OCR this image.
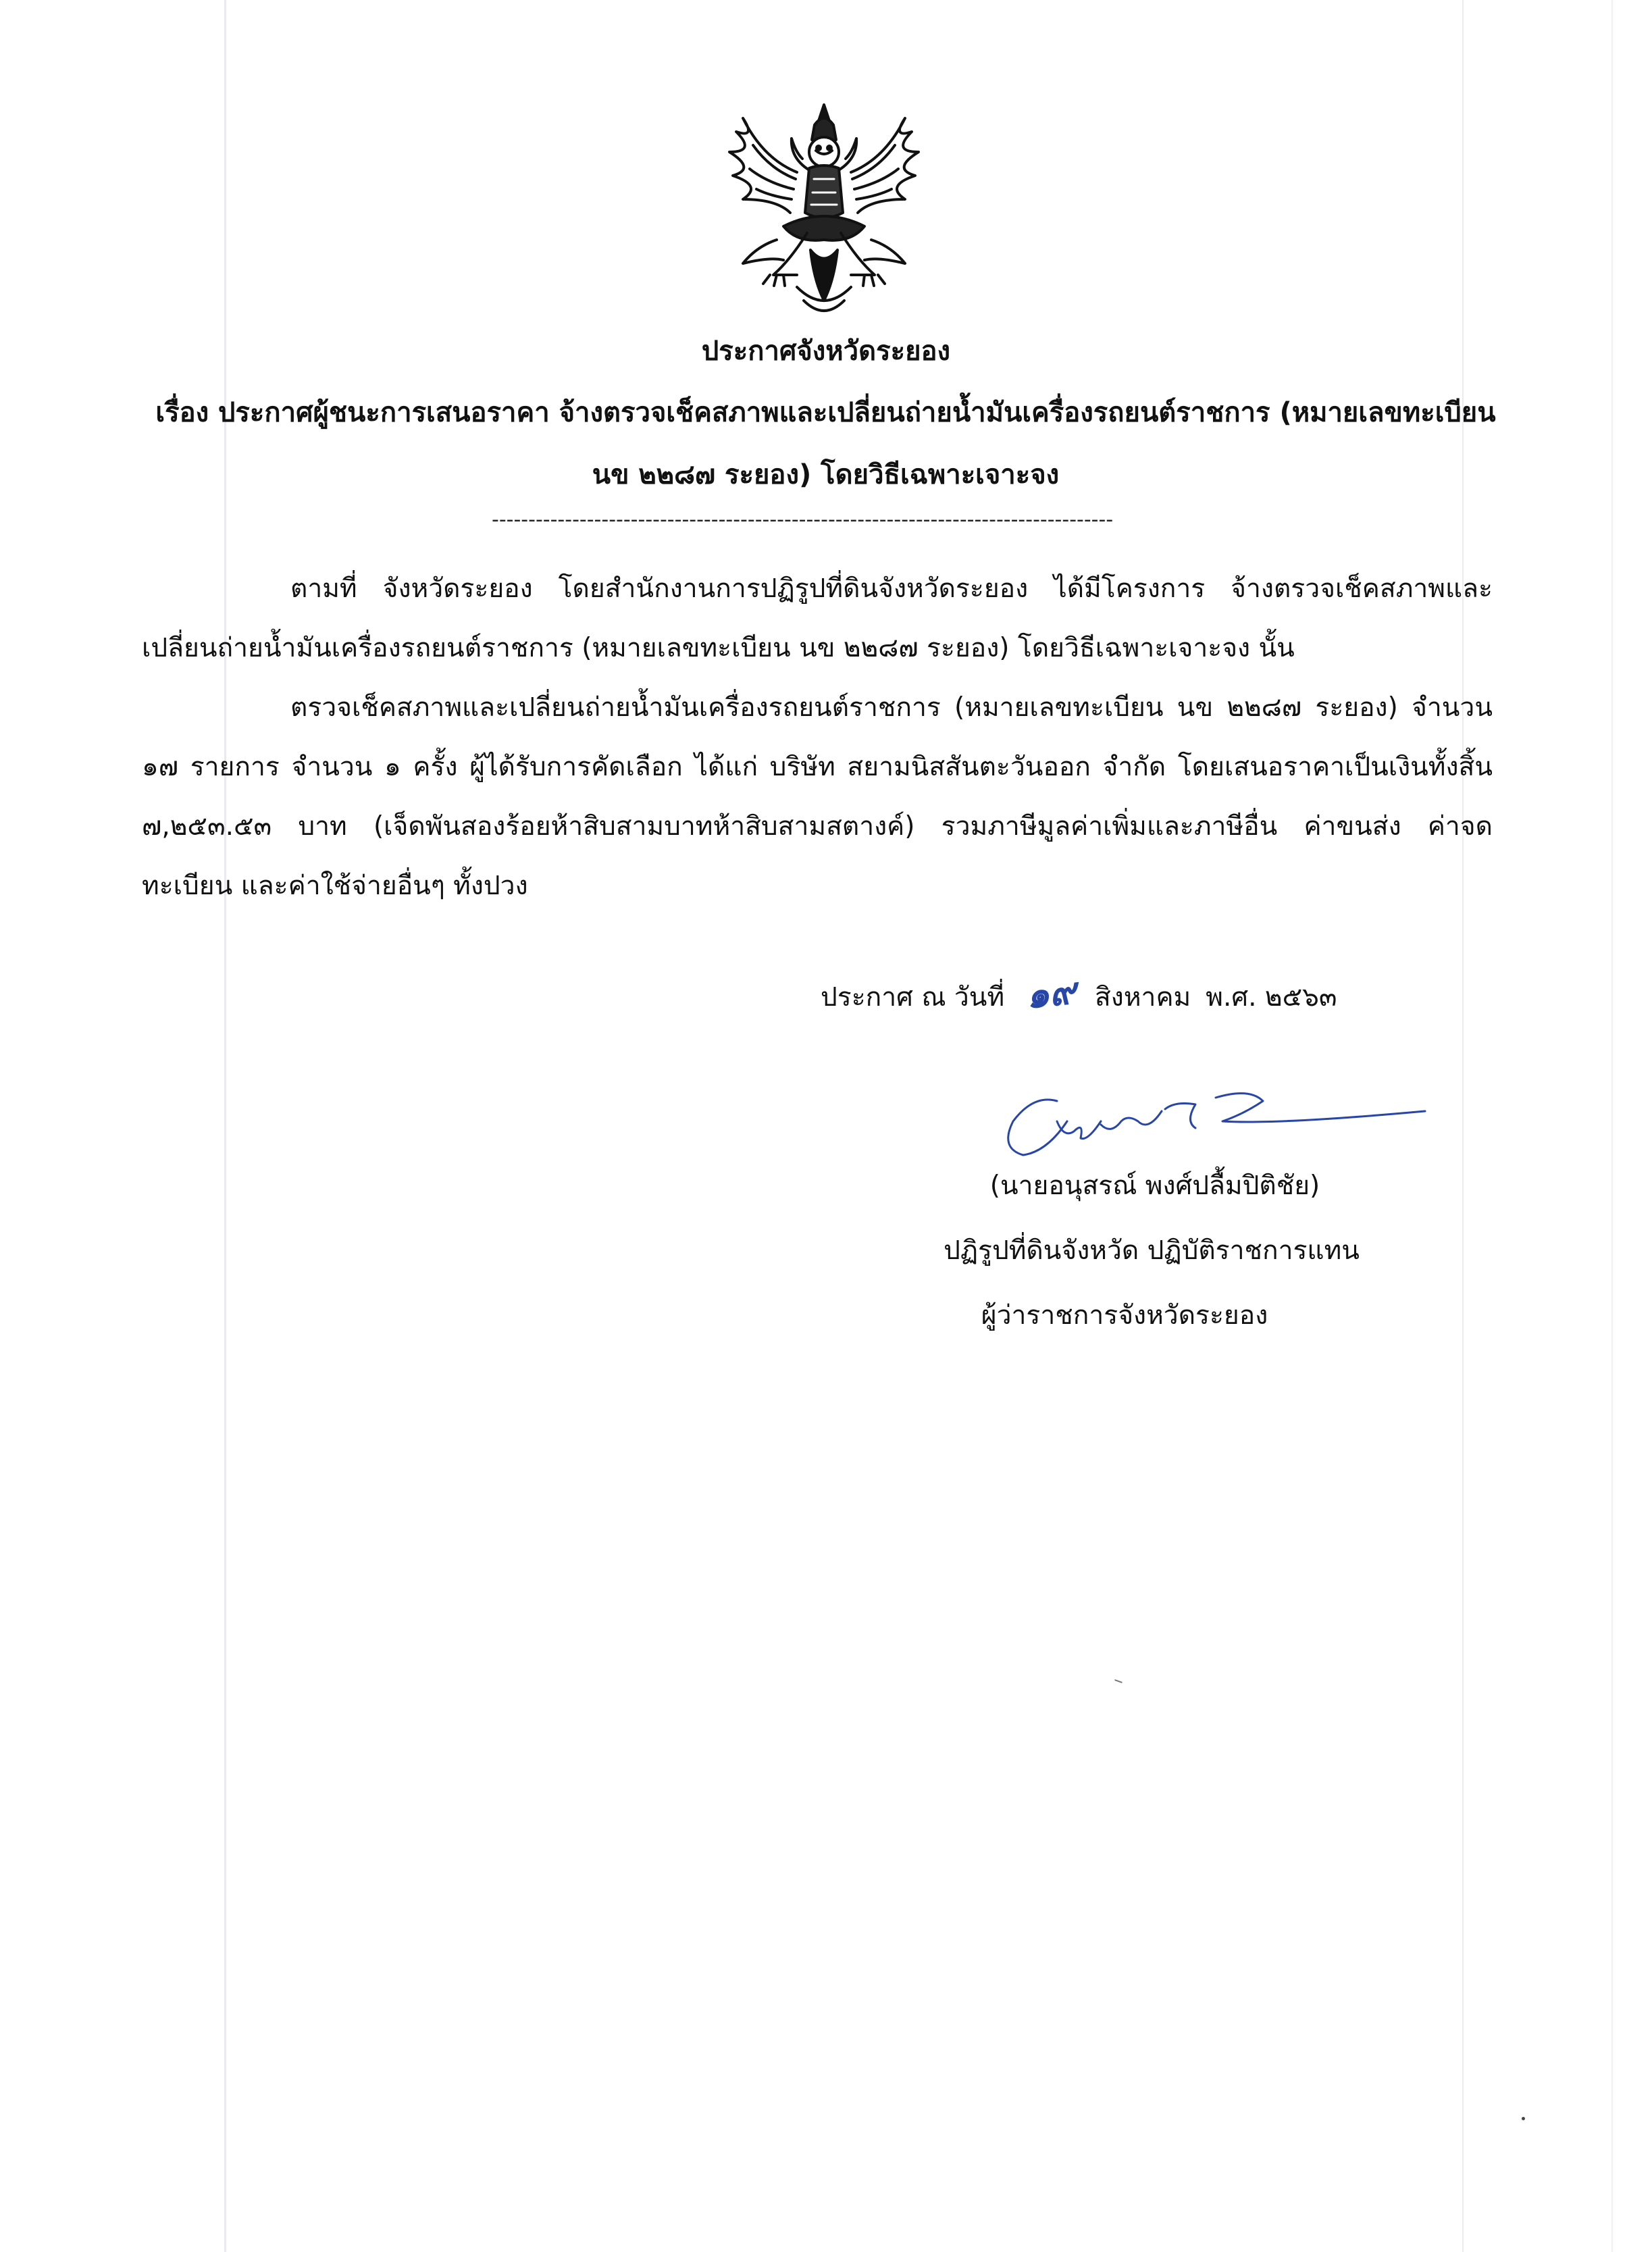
ประกาศจังหวัดระยอง
เรื่อง ประกาศผู้ชนะการเสนอราคา จ้างตรวจเช็คสภาพและเปลี่ยนถ่ายน้ำมันเครื่องรถยนต์ราชการ (หมายเลขทะเบียน นข ๒๒๘๗ ระยอง) โดยวิธีเฉพาะเจาะจง
-------------------------------------------------------------------------------------

ตามที่ จังหวัดระยอง โดยสำนักงานการปฏิรูปที่ดินจังหวัดระยอง ได้มีโครงการ จ้างตรวจเช็คสภาพและเปลี่ยนถ่ายน้ำมันเครื่องรถยนต์ราชการ (หมายเลขทะเบียน นข ๒๒๘๗ ระยอง) โดยวิธีเฉพาะเจาะจง นั้น

ตรวจเช็คสภาพและเปลี่ยนถ่ายน้ำมันเครื่องรถยนต์ราชการ (หมายเลขทะเบียน นข ๒๒๘๗ ระยอง) จำนวน ๑๗ รายการ จำนวน ๑ ครั้ง ผู้ได้รับการคัดเลือก ได้แก่ บริษัท สยามนิสสันตะวันออก จำกัด โดยเสนอราคาเป็นเงินทั้งสิ้น ๗,๒๕๓.๕๓ บาท (เจ็ดพันสองร้อยห้าสิบสามบาทห้าสิบสามสตางค์) รวมภาษีมูลค่าเพิ่มและภาษีอื่น ค่าขนส่ง ค่าจดทะเบียน และค่าใช้จ่ายอื่นๆ ทั้งปวง

ประกาศ ณ วันที่ ๑๙ สิงหาคม พ.ศ. ๒๕๖๓

(นายอนุสรณ์ พงศ์ปลื้มปิติชัย)

ปฏิรูปที่ดินจังหวัด ปฏิบัติราชการแทน

ผู้ว่าราชการจังหวัดระยอง
